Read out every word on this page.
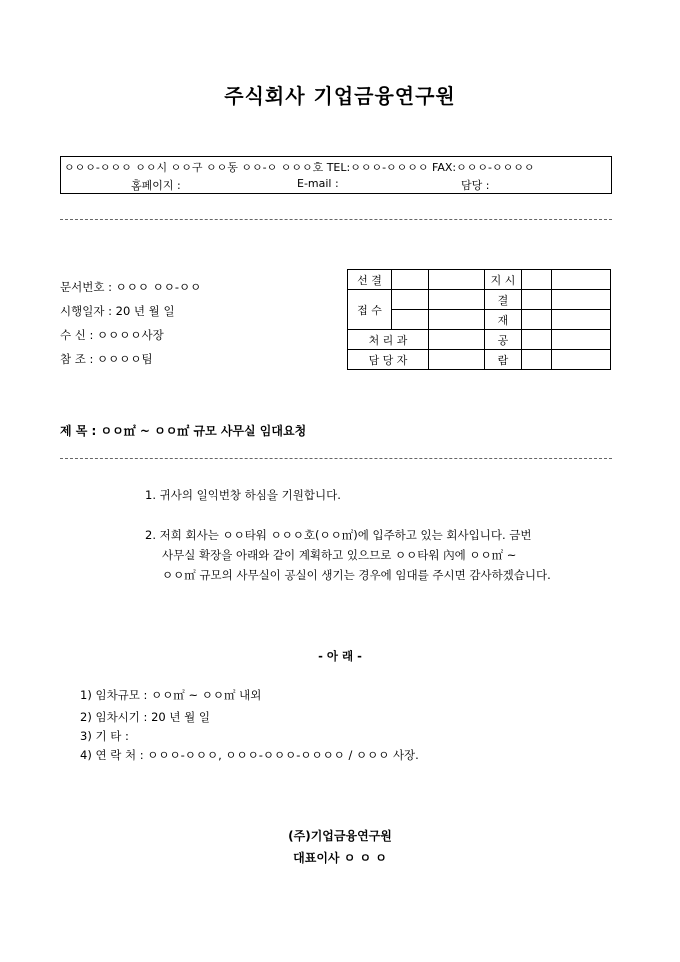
주식회사 기업금융연구원
ㅇㅇㅇ-ㅇㅇㅇ ㅇㅇ시 ㅇㅇ구 ㅇㅇ동 ㅇㅇ-ㅇ ㅇㅇㅇ호 TEL:ㅇㅇㅇ-ㅇㅇㅇㅇ FAX:ㅇㅇㅇ-ㅇㅇㅇㅇ
홈페이지 :	E-mail :	담당 :
문서번호 : ㅇㅇㅇ ㅇㅇ-ㅇㅇ
시행일자 : 20 년 월 일
수 신 : ㅇㅇㅇㅇ사장
참 조 : ㅇㅇㅇㅇ팀
선 결			지 시		
접 수			결		
			재		
처 리 과			공		
담 당 자			람		
제 목 : ㅇㅇ㎡ ~ ㅇㅇ㎡ 규모 사무실 임대요청
1. 귀사의 일익번창 하심을 기원합니다.
2. 저희 회사는 ㅇㅇ타워 ㅇㅇㅇ호(ㅇㅇ㎡)에 입주하고 있는 회사입니다. 금번
사무실 확장을 아래와 같이 계획하고 있으므로 ㅇㅇ타워 內에 ㅇㅇ㎡ ~
ㅇㅇ㎡ 규모의 사무실이 공실이 생기는 경우에 임대를 주시면 감사하겠습니다.
- 아 래 -
1) 임차규모 : ㅇㅇ㎡ ~ ㅇㅇ㎡ 내외
2) 임차시기 : 20 년 월 일
3) 기 타 :
4) 연 락 처 : ㅇㅇㅇ-ㅇㅇㅇ, ㅇㅇㅇ-ㅇㅇㅇ-ㅇㅇㅇㅇ / ㅇㅇㅇ 사장.
(주)기업금융연구원
대표이사 ㅇ ㅇ ㅇ
